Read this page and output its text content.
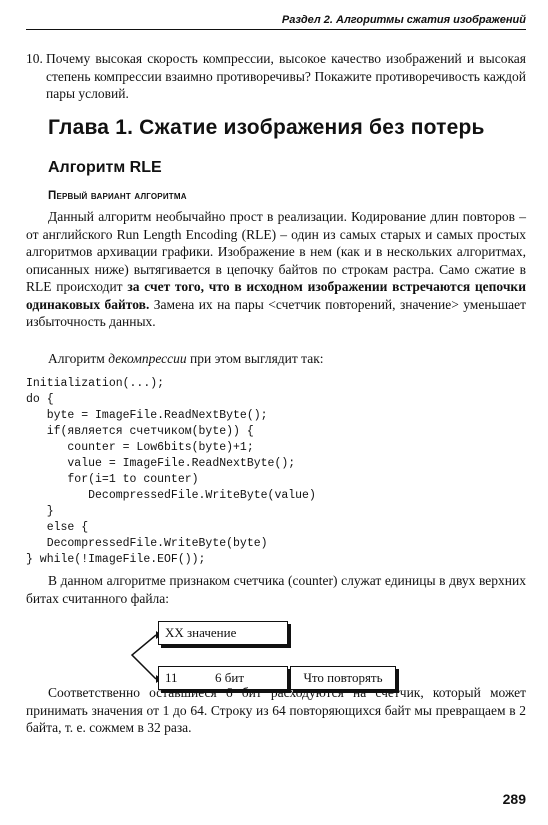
Раздел 2. Алгоритмы сжатия изображений
10. Почему высокая скорость компрессии, высокое качество изображений и высокая степень компрессии взаимно противоречивы? Покажите противоречивость каждой пары условий.
Глава 1. Сжатие изображения без потерь
Алгоритм RLE
Первый вариант алгоритма

Данный алгоритм необычайно прост в реализации. Кодирование длин повторов – от английского Run Length Encoding (RLE) – один из самых старых и самых простых алгоритмов архивации графики. Изображение в нем (как и в нескольких алгоритмах, описанных ниже) вытягивается в цепочку байтов по строкам растра. Само сжатие в RLE происходит за счет того, что в исходном изображении встречаются цепочки одинаковых байтов. Замена их на пары <счетчик повторений, значение> уменьшает избыточность данных.

Алгоритм декомпрессии при этом выглядит так:

Initialization(...);
do {
byte = ImageFile.ReadNextByte();
if(является счетчиком(byte)) {
counter = Low6bits(byte)+1;
value = ImageFile.ReadNextByte();
for(i=1 to counter)
DecompressedFile.WriteByte(value)
}
else {
DecompressedFile.WriteByte(byte)
} while(!ImageFile.EOF());

В данном алгоритме признаком счетчика (counter) служат единицы в двух верхних битах считанного файла:

XX значение
11	6 бит	Что повторять

Соответственно оставшиеся 6 бит расходуются на счетчик, который может принимать значения от 1 до 64. Строку из 64 повторяющихся байт мы превращаем в 2 байта, т. е. сожмем в 32 раза.

289
